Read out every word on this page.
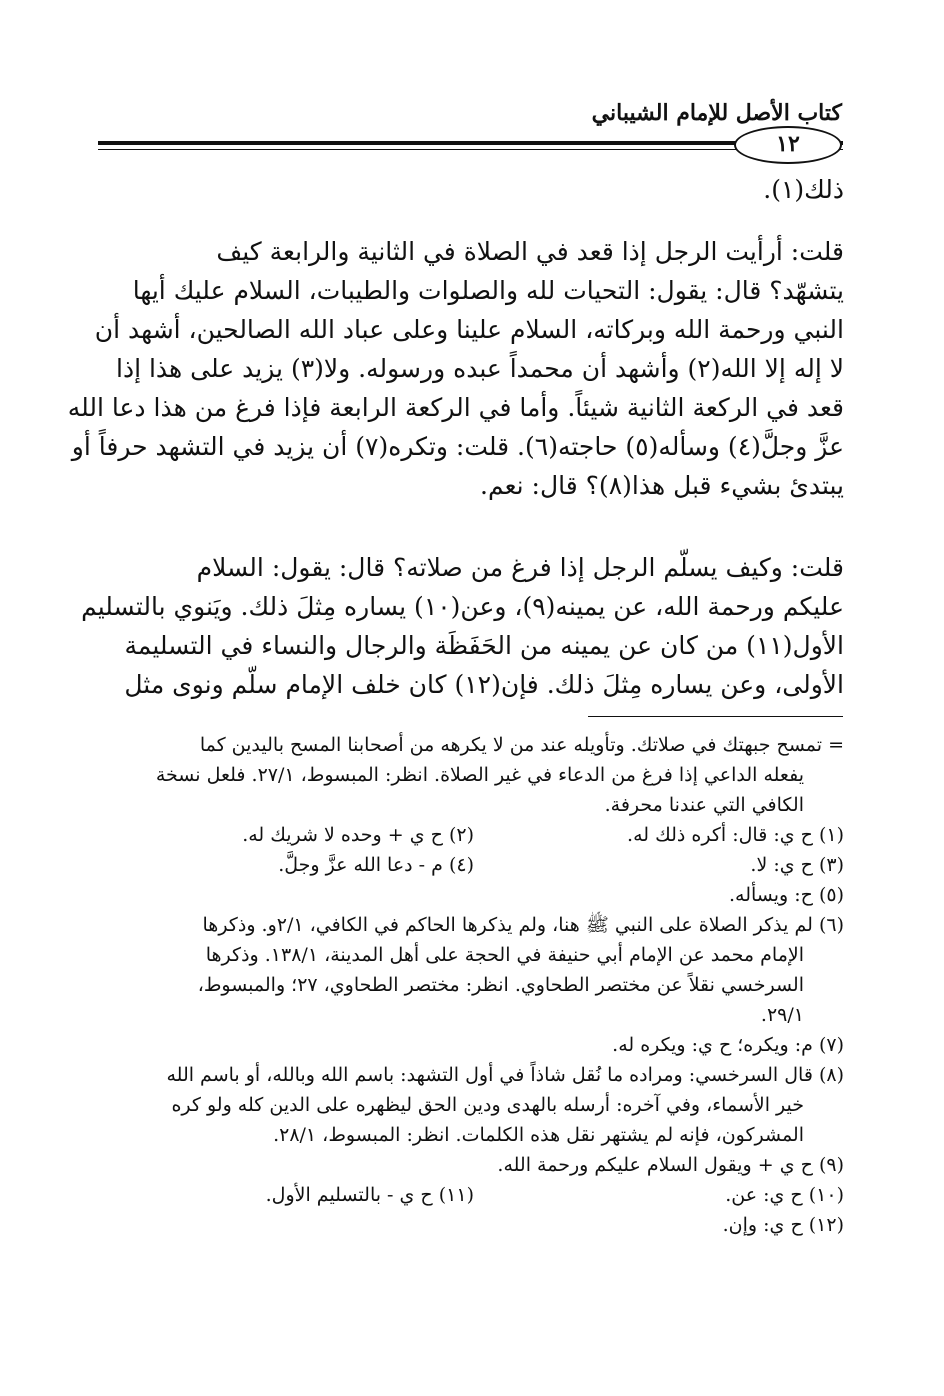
كتاب الأصل للإمام الشيباني
١٢
ذلك(١).
قلت: أرأيت الرجل إذا قعد في الصلاة في الثانية والرابعة كيف
يتشهّد؟ قال: يقول: التحيات لله والصلوات والطيبات، السلام عليك أيها
النبي ورحمة الله وبركاته، السلام علينا وعلى عباد الله الصالحين، أشهد أن
لا إله إلا الله(٢) وأشهد أن محمداً عبده ورسوله. ولا(٣) يزيد على هذا إذا
قعد في الركعة الثانية شيئاً. وأما في الركعة الرابعة فإذا فرغ من هذا دعا الله
عزَّ وجلَّ(٤) وسأله(٥) حاجته(٦). قلت: وتكره(٧) أن يزيد في التشهد حرفاً أو
يبتدئ بشيء قبل هذا(٨)؟ قال: نعم.
قلت: وكيف يسلّم الرجل إذا فرغ من صلاته؟ قال: يقول: السلام
عليكم ورحمة الله، عن يمينه(٩)، وعن(١٠) يساره مِثلَ ذلك. ويَنوي بالتسليم
الأول(١١) من كان عن يمينه من الحَفَظَة والرجال والنساء في التسليمة
الأولى، وعن يساره مِثلَ ذلك. فإن(١٢) كان خلف الإمام سلّم ونوى مثل
= تمسح جبهتك في صلاتك. وتأويله عند من لا يكرهه من أصحابنا المسح باليدين كما
يفعله الداعي إذا فرغ من الدعاء في غير الصلاة. انظر: المبسوط، ٢٧/١. فلعل نسخة
الكافي التي عندنا محرفة.
(١) ح ي: قال: أكره ذلك له.
(٢) ح ي + وحده لا شريك له.
(٣) ح ي: لا.
(٤) م - دعا الله عزَّ وجلَّ.
(٥) ح: ويسأله.
(٦) لم يذكر الصلاة على النبي ﷺ هنا، ولم يذكرها الحاكم في الكافي، ٢/١و. وذكرها
الإمام محمد عن الإمام أبي حنيفة في الحجة على أهل المدينة، ١٣٨/١. وذكرها
السرخسي نقلاً عن مختصر الطحاوي. انظر: مختصر الطحاوي، ٢٧؛ والمبسوط،
٢٩/١.
(٧) م: ويكره؛ ح ي: ويكره له.
(٨) قال السرخسي: ومراده ما نُقل شاذاً في أول التشهد: باسم الله وبالله، أو باسم الله
خير الأسماء، وفي آخره: أرسله بالهدى ودين الحق ليظهره على الدين كله ولو كره
المشركون، فإنه لم يشتهر نقل هذه الكلمات. انظر: المبسوط، ٢٨/١.
(٩) ح ي + ويقول السلام عليكم ورحمة الله.
(١٠) ح ي: عن.
(١١) ح ي - بالتسليم الأول.
(١٢) ح ي: وإن.
